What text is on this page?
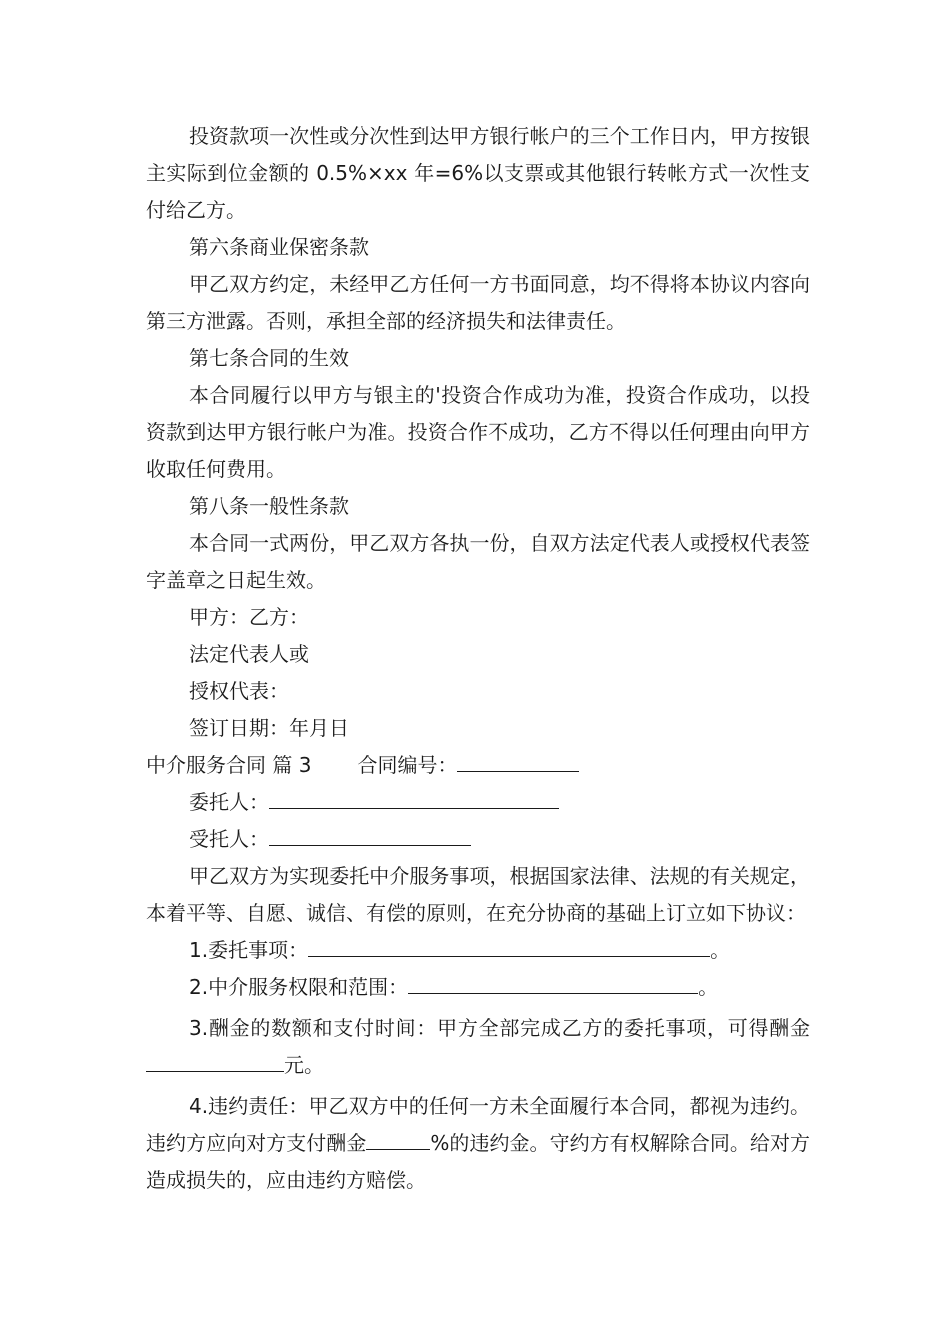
投资款项一次性或分次性到达甲方银行帐户的三个工作日内，甲方按银主实际到位金额的 0.5%×xx 年=6%以支票或其他银行转帐方式一次性支付给乙方。

第六条商业保密条款

甲乙双方约定，未经甲乙方任何一方书面同意，均不得将本协议内容向第三方泄露。否则，承担全部的经济损失和法律责任。

第七条合同的生效

本合同履行以甲方与银主的'投资合作成功为准，投资合作成功，以投资款到达甲方银行帐户为准。投资合作不成功，乙方不得以任何理由向甲方收取任何费用。

第八条一般性条款

本合同一式两份，甲乙双方各执一份，自双方法定代表人或授权代表签字盖章之日起生效。

甲方：乙方：

法定代表人或

授权代表：

签订日期：年月日

中介服务合同 篇 3 合同编号：

委托人：

受托人：

甲乙双方为实现委托中介服务事项，根据国家法律、法规的有关规定，本着平等、自愿、诚信、有偿的原则，在充分协商的基础上订立如下协议：

1.委托事项：	。

2.中介服务权限和范围：	。

3.酬金的数额和支付时间：甲方全部完成乙方的委托事项，可得酬金元。

4.违约责任：甲乙双方中的任何一方未全面履行本合同，都视为违约。违约方应向对方支付酬金	%的违约金。守约方有权解除合同。给对方造成损失的，应由违约方赔偿。
